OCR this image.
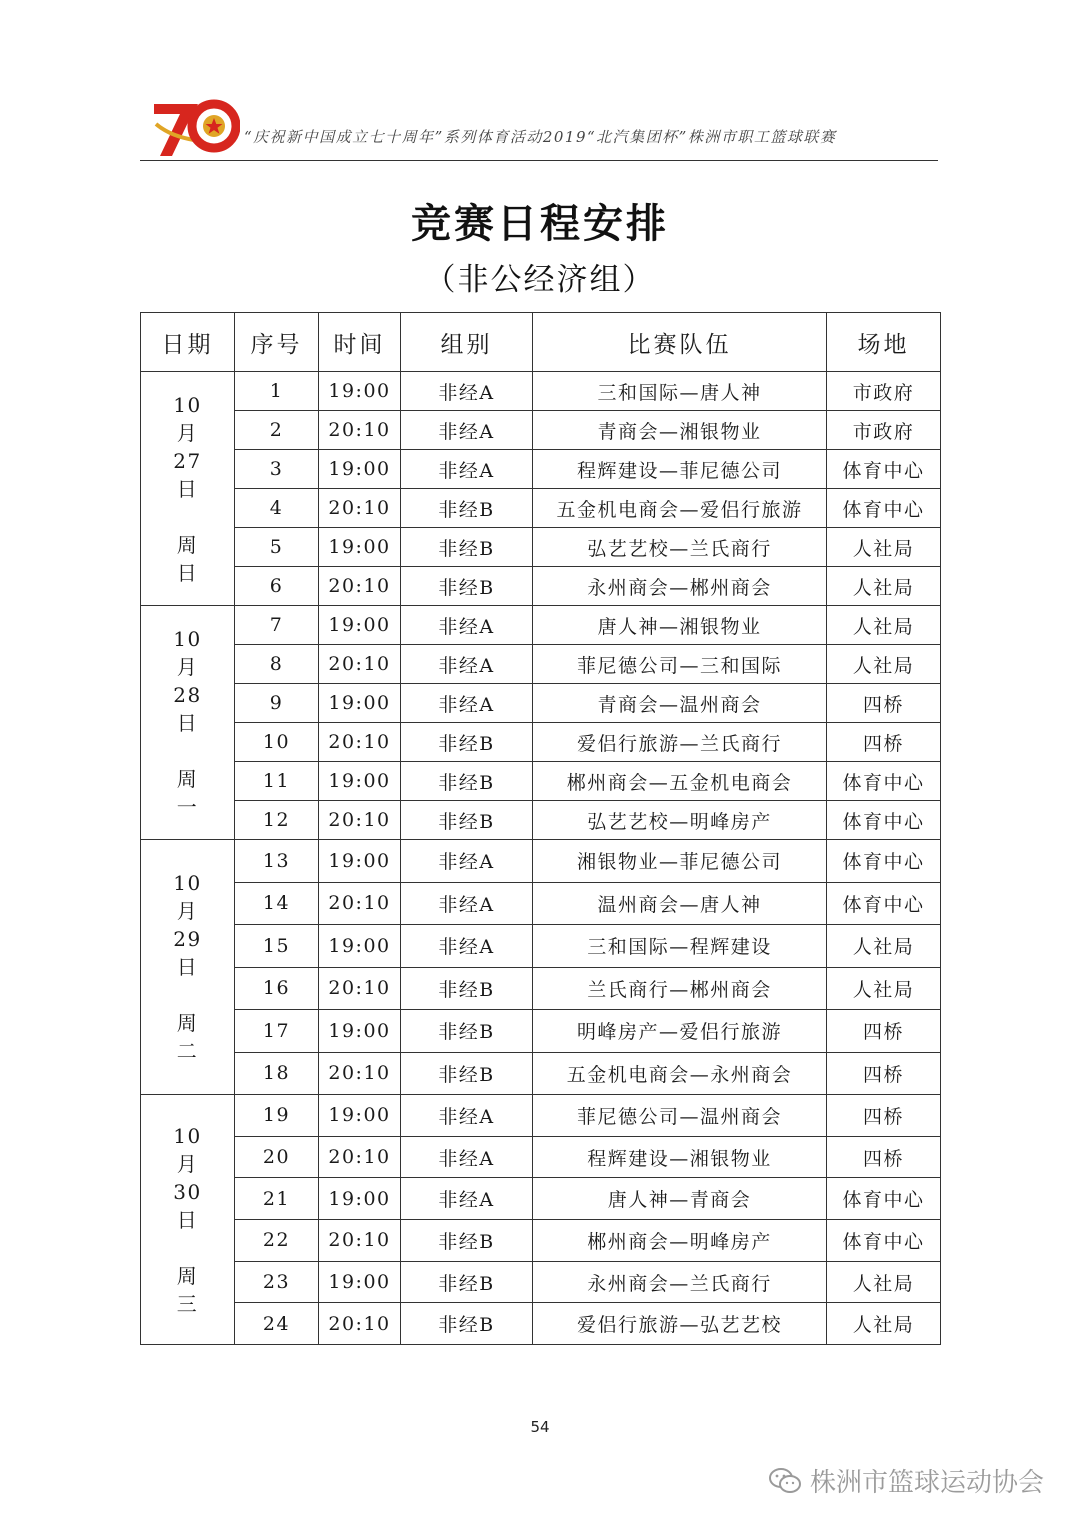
“庆祝新中国成立七十周年”系列体育活动2019“北汽集团杯”株洲市职工篮球联赛
竞赛日程安排
（非公经济组）
日期	序号	时间	组别	比赛队伍	场地

10月27日
周日	1	19:00	非经A	三和国际—唐人神	市政府
	2	20:10	非经A	青商会—湘银物业	市政府
	3	19:00	非经A	程辉建设—菲尼德公司	体育中心
	4	20:10	非经B	五金机电商会—爱侣行旅游	体育中心
	5	19:00	非经B	弘艺艺校—兰氏商行	人社局
	6	20:10	非经B	永州商会—郴州商会	人社局

10月28日
周一	7	19:00	非经A	唐人神—湘银物业	人社局
	8	20:10	非经A	菲尼德公司—三和国际	人社局
	9	19:00	非经A	青商会—温州商会	四桥
	10	20:10	非经B	爱侣行旅游—兰氏商行	四桥
	11	19:00	非经B	郴州商会—五金机电商会	体育中心
	12	20:10	非经B	弘艺艺校—明峰房产	体育中心

10月29日
周二	13	19:00	非经A	湘银物业—菲尼德公司	体育中心
	14	20:10	非经A	温州商会—唐人神	体育中心
	15	19:00	非经A	三和国际—程辉建设	人社局
	16	20:10	非经B	兰氏商行—郴州商会	人社局
	17	19:00	非经B	明峰房产—爱侣行旅游	四桥
	18	20:10	非经B	五金机电商会—永州商会	四桥

10月30日
周三	19	19:00	非经A	菲尼德公司—温州商会	四桥
	20	20:10	非经A	程辉建设—湘银物业	四桥
	21	19:00	非经A	唐人神—青商会	体育中心
	22	20:10	非经B	郴州商会—明峰房产	体育中心
	23	19:00	非经B	永州商会—兰氏商行	人社局
	24	20:10	非经B	爱侣行旅游—弘艺艺校	人社局
54
株洲市篮球运动协会
